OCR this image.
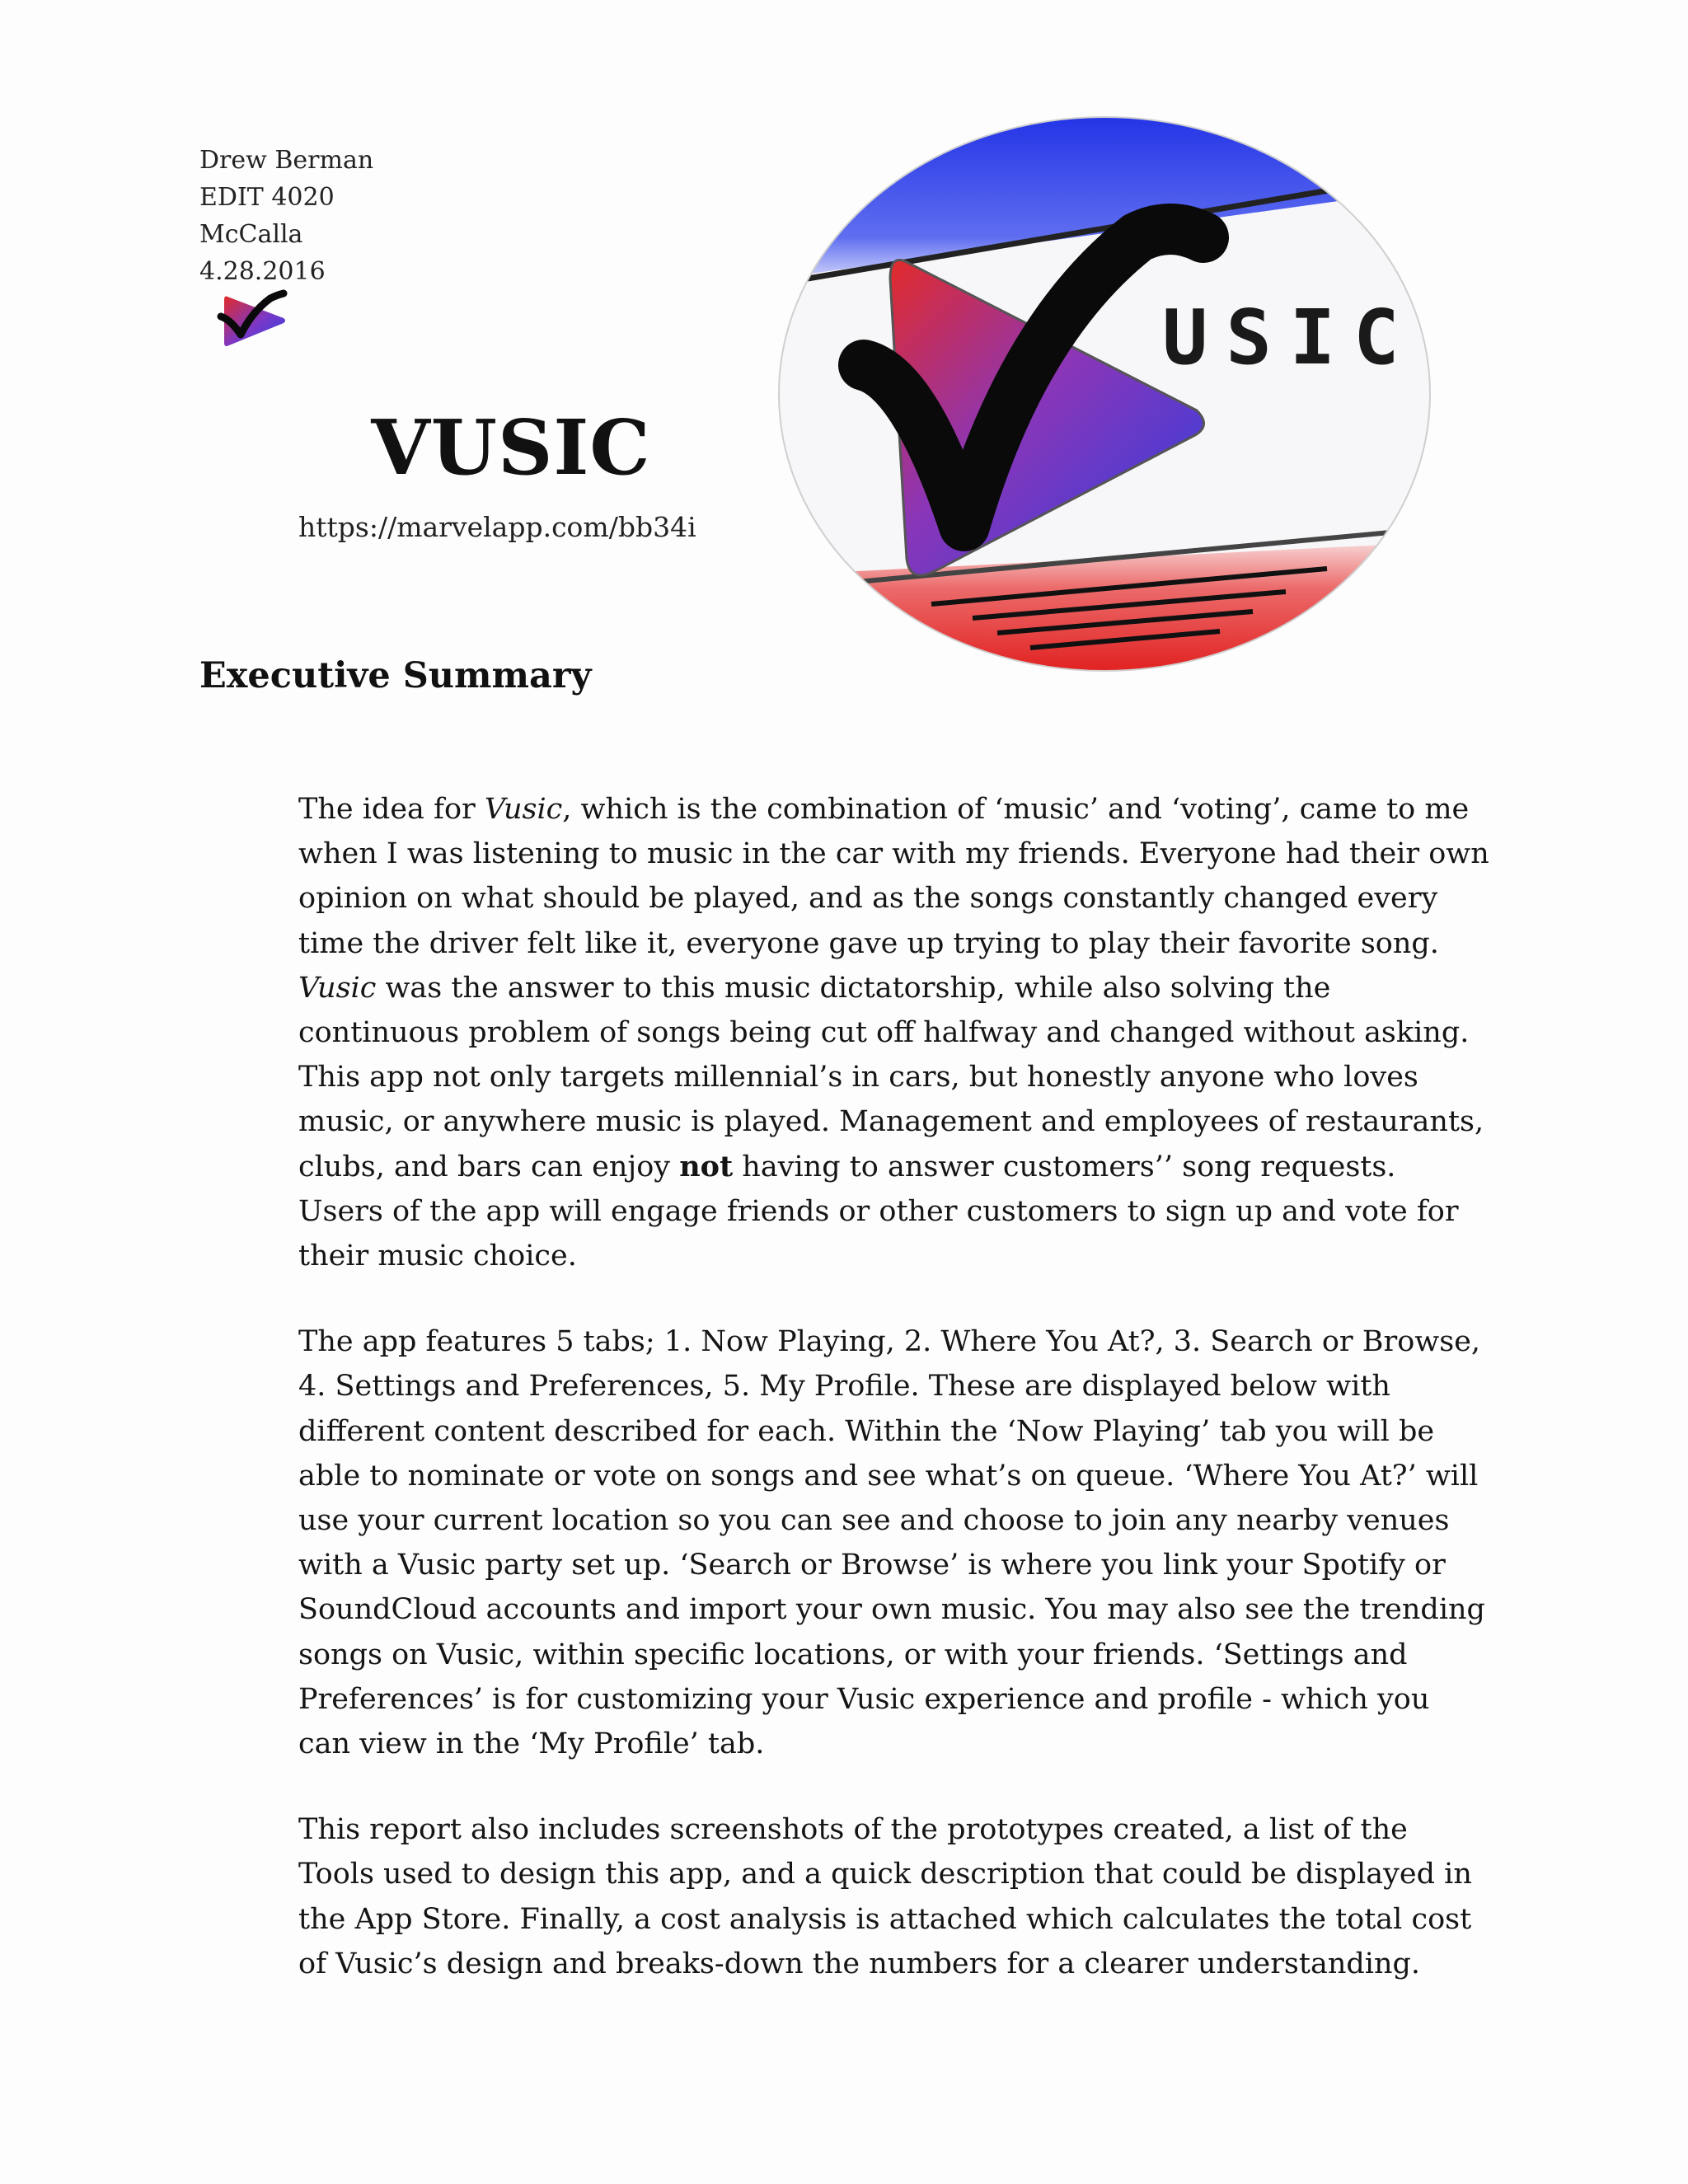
Drew Berman
EDIT 4020
McCalla
4.28.2016
VUSIC
https://marvelapp.com/bb34i
USIC
Executive Summary

The idea for Vusic, which is the combination of ‘music’ and ‘voting’, came to me when I was listening to music in the car with my friends. Everyone had their own opinion on what should be played, and as the songs constantly changed every time the driver felt like it, everyone gave up trying to play their favorite song. Vusic was the answer to this music dictatorship, while also solving the continuous problem of songs being cut off halfway and changed without asking. This app not only targets millennial’s in cars, but honestly anyone who loves music, or anywhere music is played. Management and employees of restaurants, clubs, and bars can enjoy not having to answer customers’’ song requests. Users of the app will engage friends or other customers to sign up and vote for their music choice.

The app features 5 tabs; 1. Now Playing, 2. Where You At?, 3. Search or Browse, 4. Settings and Preferences, 5. My Profile. These are displayed below with different content described for each. Within the ‘Now Playing’ tab you will be able to nominate or vote on songs and see what’s on queue. ‘Where You At?’ will use your current location so you can see and choose to join any nearby venues with a Vusic party set up. ‘Search or Browse’ is where you link your Spotify or SoundCloud accounts and import your own music. You may also see the trending songs on Vusic, within specific locations, or with your friends. ‘Settings and Preferences’ is for customizing your Vusic experience and profile - which you can view in the ‘My Profile’ tab.

This report also includes screenshots of the prototypes created, a list of the Tools used to design this app, and a quick description that could be displayed in the App Store. Finally, a cost analysis is attached which calculates the total cost of Vusic’s design and breaks-down the numbers for a clearer understanding.
